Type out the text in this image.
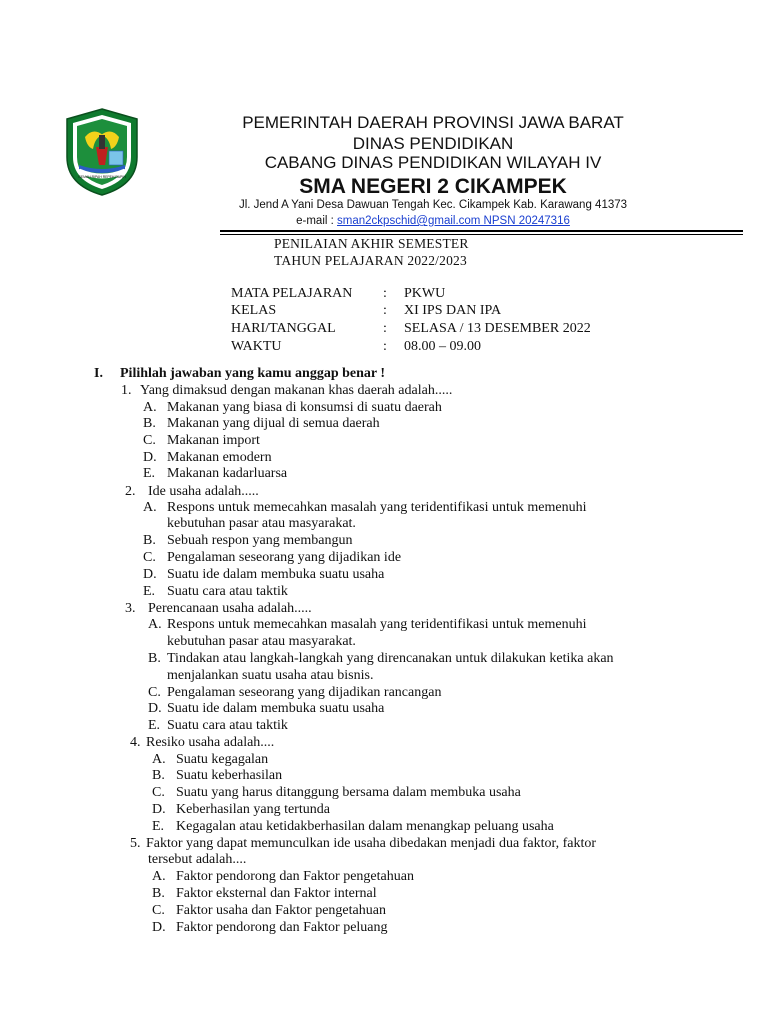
GEMAH RIPAH REPEH RAPIH
PEMERINTAH DAERAH PROVINSI JAWA BARAT
DINAS PENDIDIKAN
CABANG DINAS PENDIDIKAN WILAYAH IV
SMA NEGERI 2 CIKAMPEK
Jl. Jend A Yani Desa Dawuan Tengah Kec. Cikampek Kab. Karawang 41373
e-mail : sman2ckpschid@gmail.com NPSN 20247316
PENILAIAN AKHIR SEMESTER
TAHUN PELAJARAN 2022/2023
MATA PELAJARAN : PKWU
KELAS	: XI IPS DAN IPA
HARI/TANGGAL	: SELASA / 13 DESEMBER 2022
WAKTU	: 08.00 – 09.00
I. Pilihlah jawaban yang kamu anggap benar !
1. Yang dimaksud dengan makanan khas daerah adalah.....
A. Makanan yang biasa di konsumsi di suatu daerah
B. Makanan yang dijual di semua daerah
C. Makanan import
D. Makanan emodern
E. Makanan kadarluarsa
2. Ide usaha adalah.....
A. Respons untuk memecahkan masalah yang teridentifikasi untuk memenuhi
kebutuhan pasar atau masyarakat.
B. Sebuah respon yang membangun
C. Pengalaman seseorang yang dijadikan ide
D. Suatu ide dalam membuka suatu usaha
E. Suatu cara atau taktik
3. Perencanaan usaha adalah.....
A. Respons untuk memecahkan masalah yang teridentifikasi untuk memenuhi
kebutuhan pasar atau masyarakat.
B. Tindakan atau langkah-langkah yang direncanakan untuk dilakukan ketika akan
menjalankan suatu usaha atau bisnis.
C. Pengalaman seseorang yang dijadikan rancangan
D. Suatu ide dalam membuka suatu usaha
E. Suatu cara atau taktik
4. Resiko usaha adalah....
A. Suatu kegagalan
B. Suatu keberhasilan
C. Suatu yang harus ditanggung bersama dalam membuka usaha
D. Keberhasilan yang tertunda
E. Kegagalan atau ketidakberhasilan dalam menangkap peluang usaha
5. Faktor yang dapat memunculkan ide usaha dibedakan menjadi dua faktor, faktor
tersebut adalah....
A. Faktor pendorong dan Faktor pengetahuan
B. Faktor eksternal dan Faktor internal
C. Faktor usaha dan Faktor pengetahuan
D. Faktor pendorong dan Faktor peluang
